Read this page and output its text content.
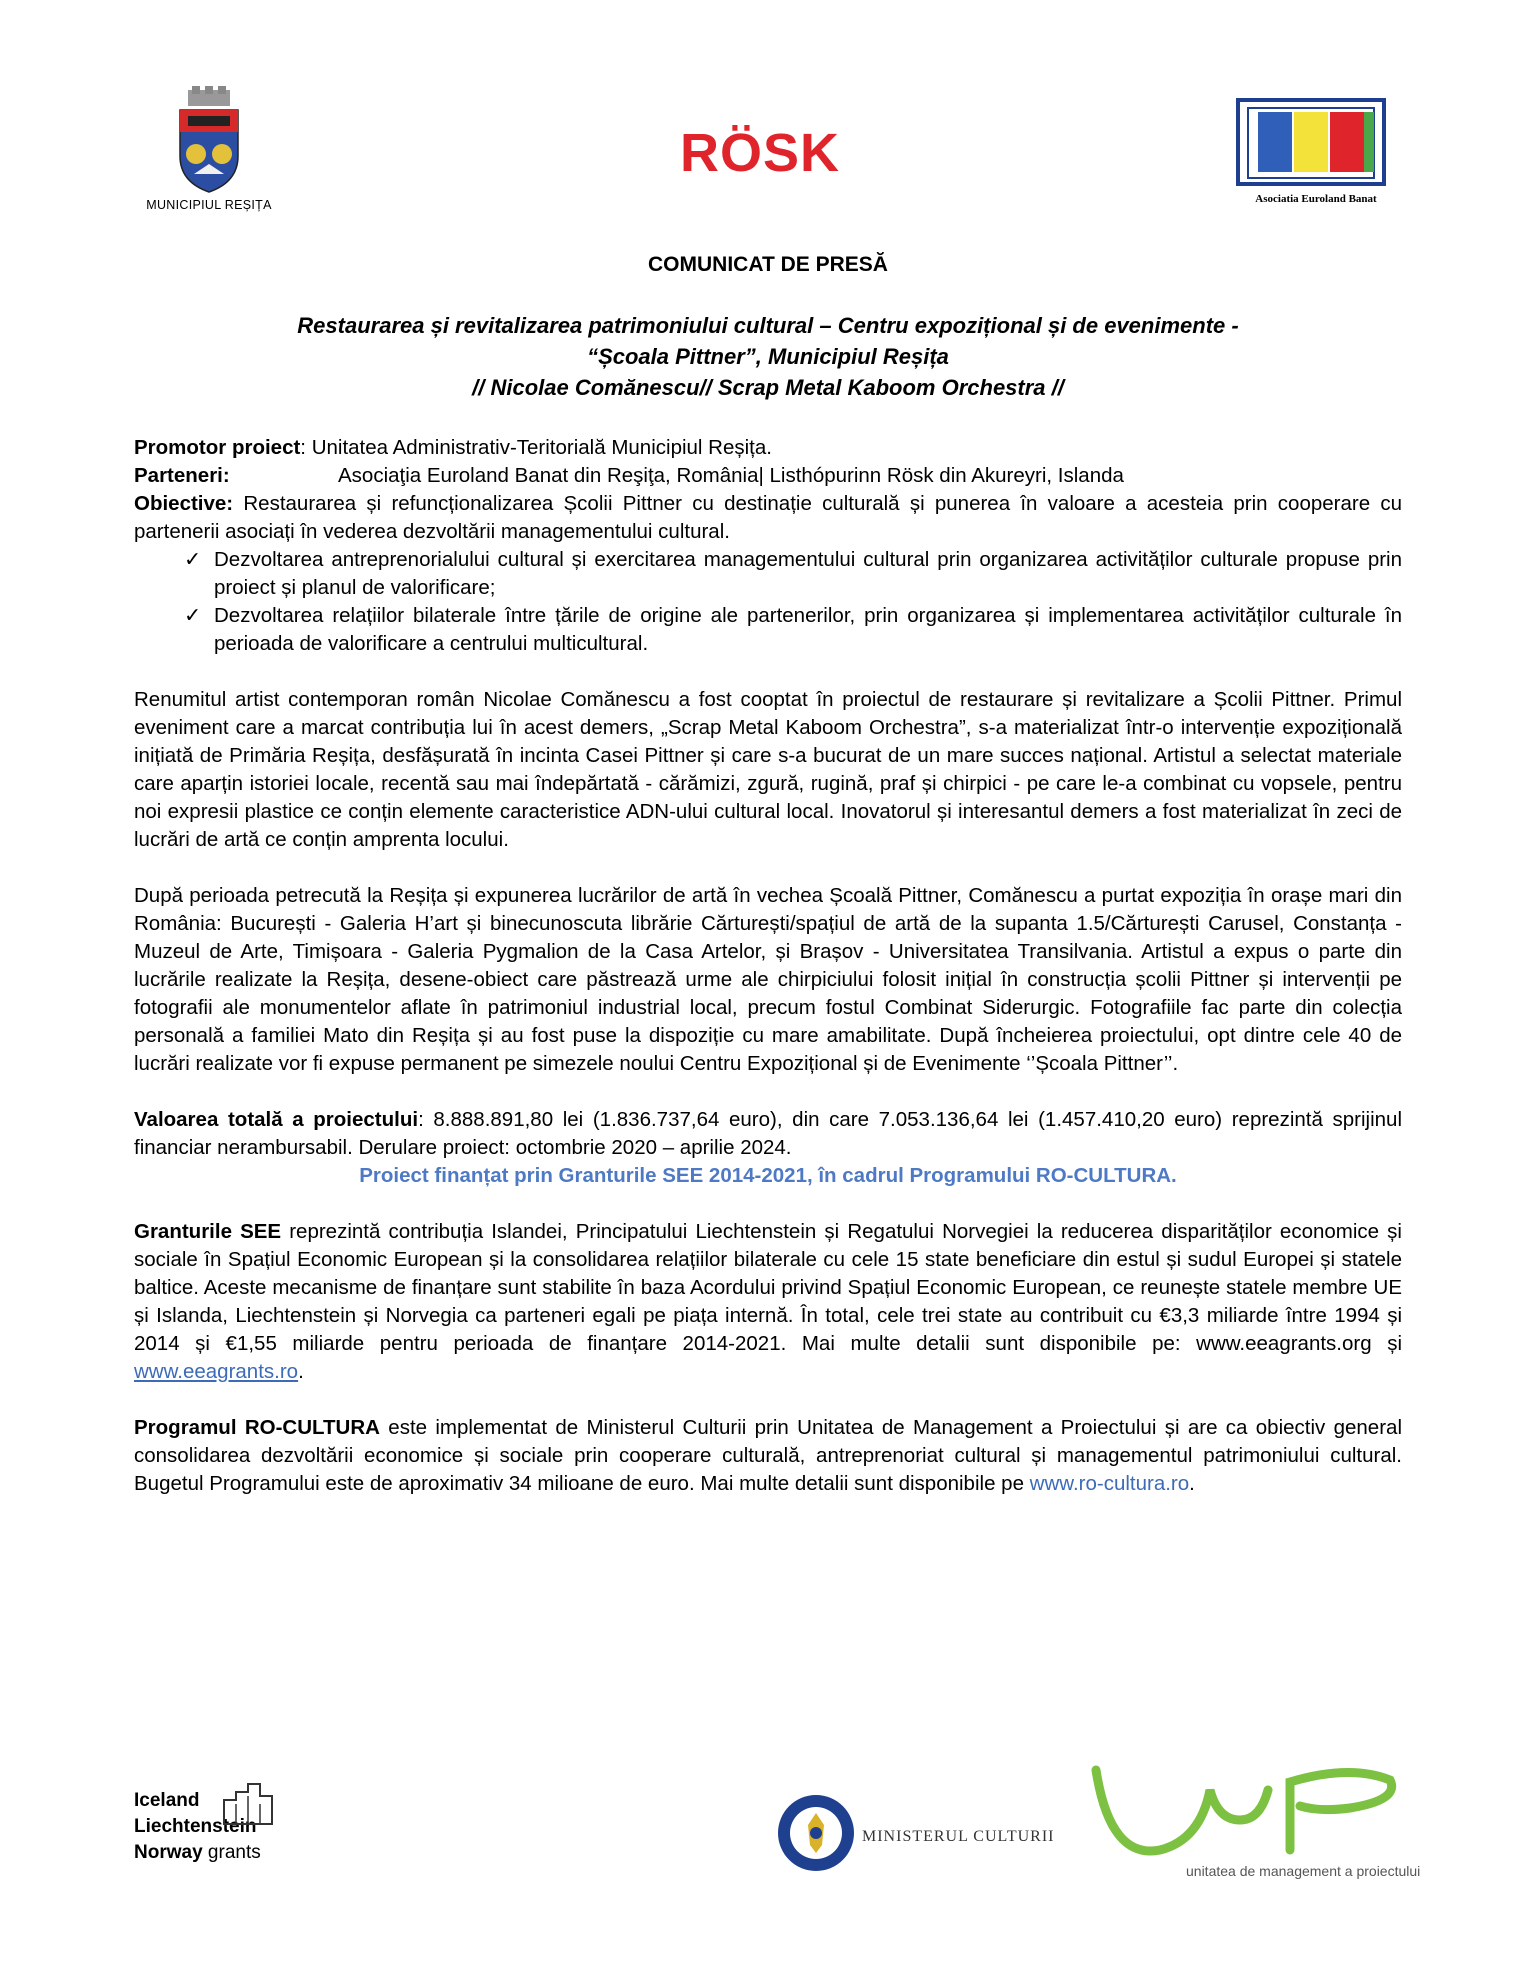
MUNICIPIUL REȘIȚA
RÖSK
Asociatia Euroland Banat
COMUNICAT DE PRESĂ
Restaurarea și revitalizarea patrimoniului cultural – Centru expozițional și de evenimente -
“Școala Pittner”, Municipiul Reșița
// Nicolae Comănescu// Scrap Metal Kaboom Orchestra //

Promotor proiect: Unitatea Administrativ-Teritorială Municipiul Reșița.

Parteneri:	Asociaţia Euroland Banat din Reşiţa, România| Listhópurinn Rösk din Akureyri, Islanda

Obiective: Restaurarea și refuncționalizarea Școlii Pittner cu destinație culturală și punerea în valoare a acesteia prin cooperare cu partenerii asociați în vederea dezvoltării managementului cultural.

✓ Dezvoltarea antreprenorialului cultural și exercitarea managementului cultural prin organizarea activităților culturale propuse prin proiect și planul de valorificare;
✓ Dezvoltarea relațiilor bilaterale între țările de origine ale partenerilor, prin organizarea și implementarea activităților culturale în perioada de valorificare a centrului multicultural.

Renumitul artist contemporan român Nicolae Comănescu a fost cooptat în proiectul de restaurare și revitalizare a Școlii Pittner. Primul eveniment care a marcat contribuția lui în acest demers, „Scrap Metal Kaboom Orchestra”, s-a materializat într-o intervenție expozițională inițiată de Primăria Reșița, desfășurată în incinta Casei Pittner și care s-a bucurat de un mare succes național. Artistul a selectat materiale care aparțin istoriei locale, recentă sau mai îndepărtată - cărămizi, zgură, rugină, praf și chirpici - pe care le-a combinat cu vopsele, pentru noi expresii plastice ce conțin elemente caracteristice ADN-ului cultural local. Inovatorul și interesantul demers a fost materializat în zeci de lucrări de artă ce conțin amprenta locului.

După perioada petrecută la Reșița și expunerea lucrărilor de artă în vechea Școală Pittner, Comănescu a purtat expoziția în orașe mari din România: București - Galeria H’art și binecunoscuta librărie Cărturești/spațiul de artă de la supanta 1.5/Cărturești Carusel, Constanța - Muzeul de Arte, Timișoara - Galeria Pygmalion de la Casa Artelor, și Brașov - Universitatea Transilvania. Artistul a expus o parte din lucrările realizate la Reșița, desene-obiect care păstrează urme ale chirpiciului folosit inițial în construcția școlii Pittner și intervenții pe fotografii ale monumentelor aflate în patrimoniul industrial local, precum fostul Combinat Siderurgic. Fotografiile fac parte din colecția personală a familiei Mato din Reșița și au fost puse la dispoziție cu mare amabilitate. După încheierea proiectului, opt dintre cele 40 de lucrări realizate vor fi expuse permanent pe simezele noului Centru Expozițional și de Evenimente ‘’Școala Pittner’’.

Valoarea totală a proiectului: 8.888.891,80 lei (1.836.737,64 euro), din care 7.053.136,64 lei (1.457.410,20 euro) reprezintă sprijinul financiar nerambursabil. Derulare proiect: octombrie 2020 – aprilie 2024.

Proiect finanțat prin Granturile SEE 2014-2021, în cadrul Programului RO-CULTURA.

Granturile SEE reprezintă contribuția Islandei, Principatului Liechtenstein și Regatului Norvegiei la reducerea disparităților economice și sociale în Spațiul Economic European și la consolidarea relațiilor bilaterale cu cele 15 state beneficiare din estul și sudul Europei și statele baltice. Aceste mecanisme de finanțare sunt stabilite în baza Acordului privind Spațiul Economic European, ce reunește statele membre UE și Islanda, Liechtenstein și Norvegia ca parteneri egali pe piața internă. În total, cele trei state au contribuit cu €3,3 miliarde între 1994 și 2014 și €1,55 miliarde pentru perioada de finanțare 2014-2021. Mai multe detalii sunt disponibile pe: www.eeagrants.org și www.eeagrants.ro.

Programul RO-CULTURA este implementat de Ministerul Culturii prin Unitatea de Management a Proiectului și are ca obiectiv general consolidarea dezvoltării economice și sociale prin cooperare culturală, antreprenoriat cultural și managementul patrimoniului cultural. Bugetul Programului este de aproximativ 34 milioane de euro. Mai multe detalii sunt disponibile pe www.ro-cultura.ro.

Iceland
Liechtenstein
Norway grants
MINISTERUL CULTURII
unitatea de management a proiectului
